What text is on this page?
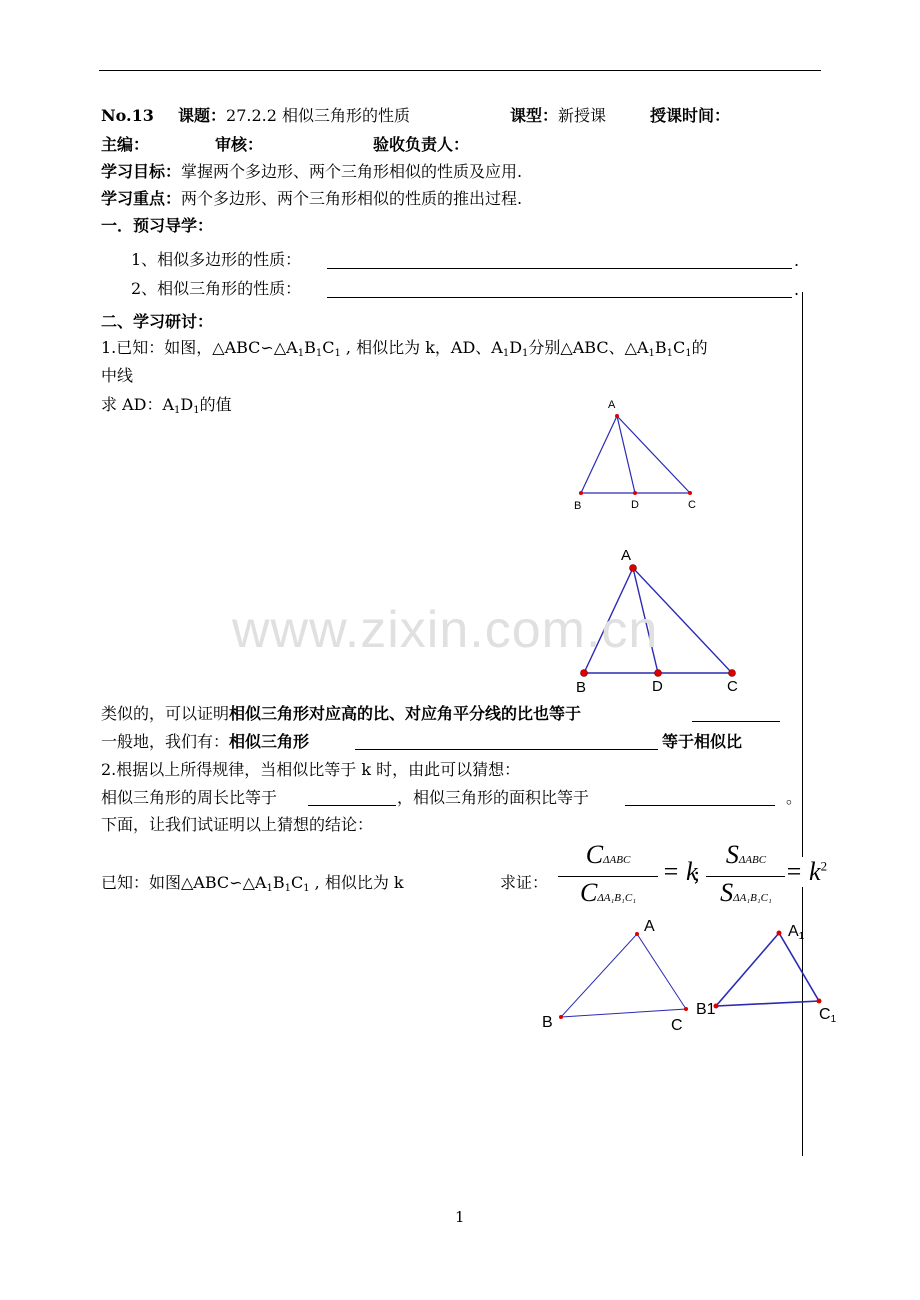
No.13 课题：27.2.2 相似三角形的性质	课型：新授课	授课时间：
主编：	审核：	验收负责人：
学习目标：掌握两个多边形、两个三角形相似的性质及应用.
学习重点：两个多边形、两个三角形相似的性质的推出过程.
一．预习导学：
1、相似多边形的性质：	.
2、相似三角形的性质：	.
二、学习研讨：
1.已知：如图，$\triangle ABC∽\triangle A_1B_1C_1$ , 相似比为 k，AD、$A_1D_1$分别△ABC、$\triangle A_1B_1C_1$的
中线
求 AD：$A_1D_1$的值	A
B	D	C
A
B	D	C
www.zixin.com.cn
类似的，可以证明相似三角形对应高的比、对应角平分线的比也等于
一般地，我们有：相似三角形	等于相似比
2.根据以上所得规律，当相似比等于 k 时，由此可以猜想：
相似三角形的周长比等于	，相似三角形的面积比等于	。
下面，让我们试证明以上猜想的结论：
已知：如图$\triangle ABC∽\triangle A_1B_1C_1$ , 相似比为 k	求证：
CΔABC
CΔA₁B₁C₁
= k
；
SΔABC
SΔA₁B₁C₁
= $k^2$
A
B	C
A1
B1	C1
1
